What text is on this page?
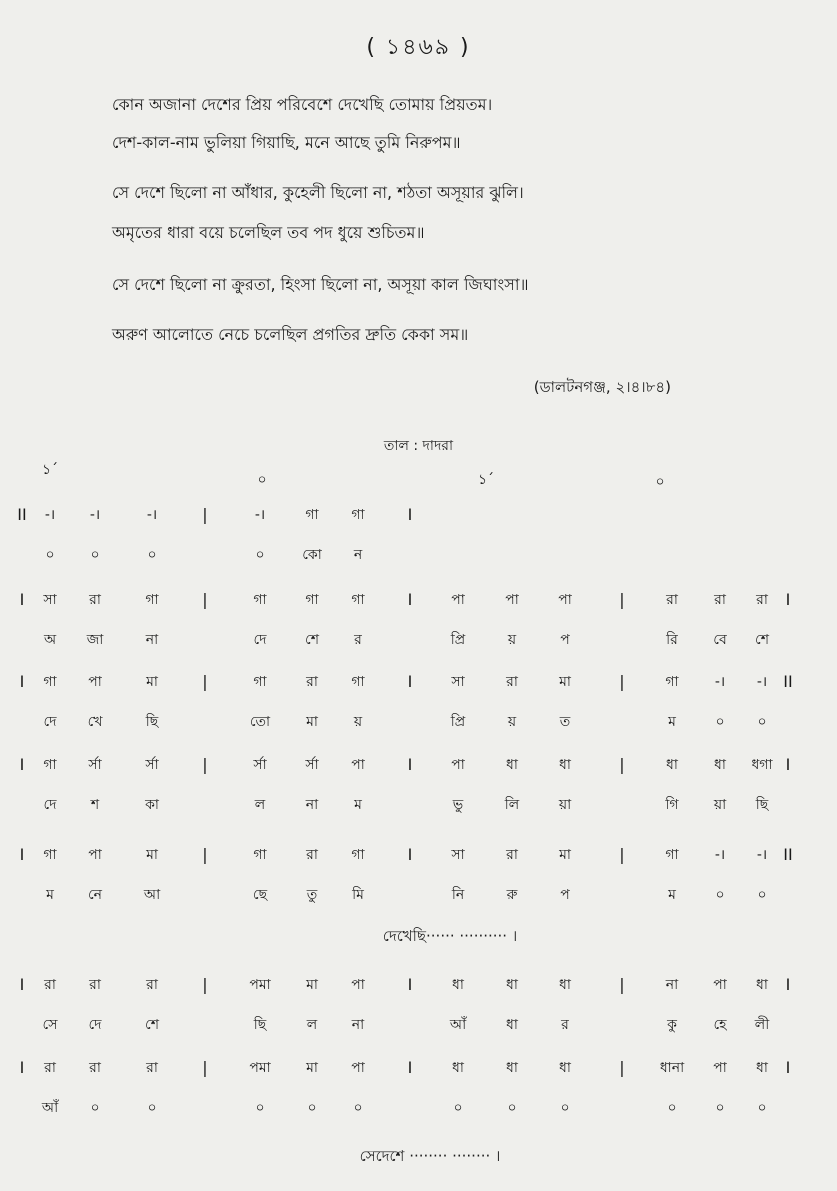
( ১৪৬৯ )
কোন অজানা দেশের প্রিয় পরিবেশে দেখেছি তোমায় প্রিয়তম।
দেশ-কাল-নাম ভুলিয়া গিয়াছি, মনে আছে তুমি নিরুপম॥
সে দেশে ছিলো না আঁধার, কুহেলী ছিলো না, শঠতা অসূয়ার ঝুলি।
অমৃতের ধারা বয়ে চলেছিল তব পদ ধুয়ে শুচিতম॥
সে দেশে ছিলো না ক্রুরতা, হিংসা ছিলো না, অসূয়া কাল জিঘাংসা॥
অরুণ আলোতে নেচে চলেছিল প্রগতির দ্রুতি কেকা সম॥
(ডালটনগঞ্জ, ২।৪।৮৪)
তাল : দাদরা
১´
০	১´	০
II -। -।	-।	|	-।	গা গা	I
০	০	০	০	কো ন
I সা রা	গা	|	গা	গা গা	I	পা	পা	পা	|	রা	রা রা I
অ জা	না	দে	শে	র	প্রি	য়	প	রি	বে শে
I গা পা	মা	|	গা	রা গা	I	সা	রা	মা	|	গা	-। -। II
দে খে	ছি	তো	মা	য়	প্রি	য়	ত	ম	০ ০
I গা র্সা	র্সা	|	র্সা	র্সা পা	I	পা	ধা	ধা	|	ধা	ধা ধগা I
দে শ	কা	ল	না	ম	ভু	লি	য়া	গি	য়া ছি
I গা পা	মা	|	গা	রা গা	I	সা	রা	মা	|	গা	-। -। II
ম নে	আ	ছে	তু মি	নি	রু	প	ম	০ ০
I রা রা	রা	|	পমা	মা পা	I	ধা	ধা	ধা	|	না	পা ধা I
সে দে	শে	ছি	ল না	আঁ	ধা	র	কু	হে লী
I রা রা	রা	|	পমা	মা পা	I	ধা	ধা	ধা	|	ধানা পা ধা I
আঁ ০	০	০	০	০	০	০	০	০	০ ০
দেখেছি······ ·········· ।
সেদেশে ········ ········ ।
